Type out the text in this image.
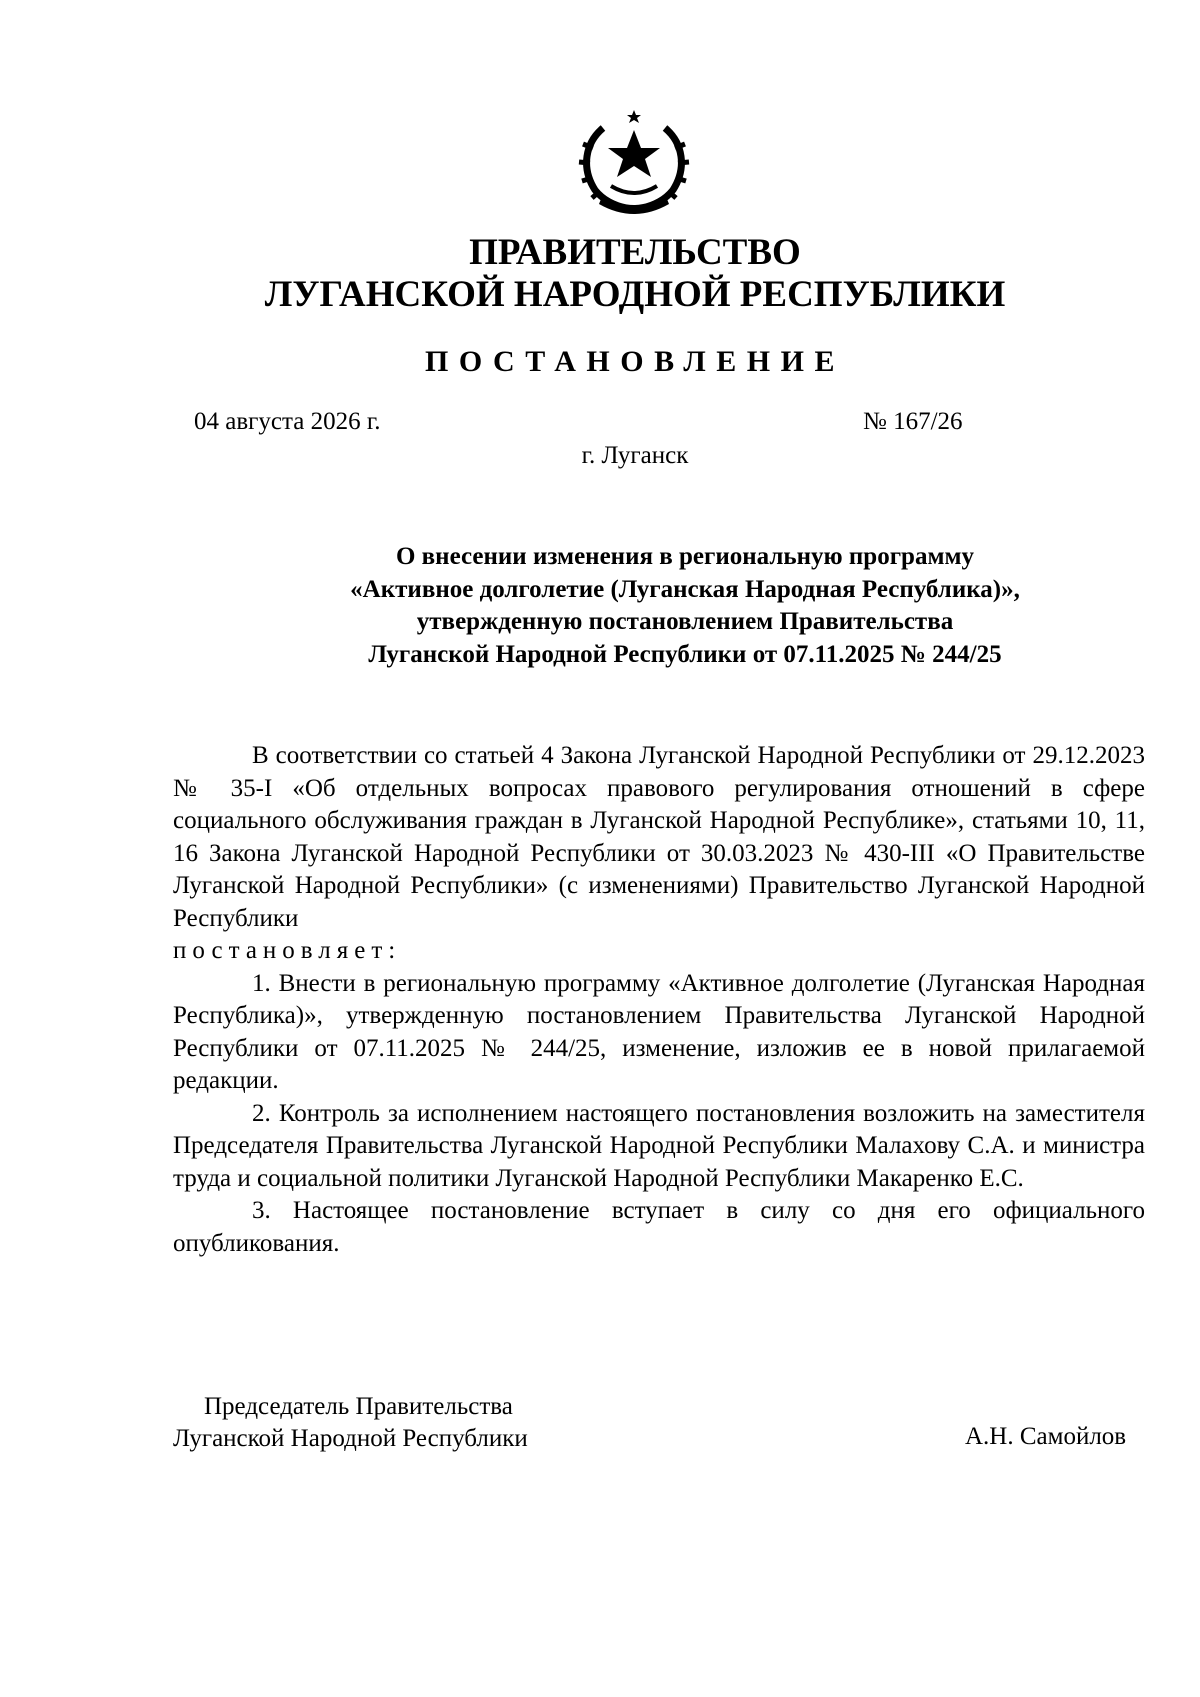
ПРАВИТЕЛЬСТВО
ЛУГАНСКОЙ НАРОДНОЙ РЕСПУБЛИКИ
ПОСТАНОВЛЕНИЕ
04 августа 2026 г.	№ 167/26
г. Луганск
О внесении изменения в региональную программу
«Активное долголетие (Луганская Народная Республика)»,
утвержденную постановлением Правительства
Луганской Народной Республики от 07.11.2025 № 244/25

В соответствии со статьей 4 Закона Луганской Народной Республики от 29.12.2023 № 35-I «Об отдельных вопросах правового регулирования отношений в сфере социального обслуживания граждан в Луганской Народной Республике», статьями 10, 11, 16 Закона Луганской Народной Республики от 30.03.2023 № 430-III «О Правительстве Луганской Народной Республики» (с изменениями) Правительство Луганской Народной Республики
постановляет:

1. Внести в региональную программу «Активное долголетие (Луганская Народная Республика)», утвержденную постановлением Правительства Луганской Народной Республики от 07.11.2025 № 244/25, изменение, изложив ее в новой прилагаемой редакции.

2. Контроль за исполнением настоящего постановления возложить на заместителя Председателя Правительства Луганской Народной Республики Малахову С.А. и министра труда и социальной политики Луганской Народной Республики Макаренко Е.С.

3. Настоящее постановление вступает в силу со дня его официального опубликования.

Председатель Правительства
Луганской Народной Республики	А.Н. Самойлов
